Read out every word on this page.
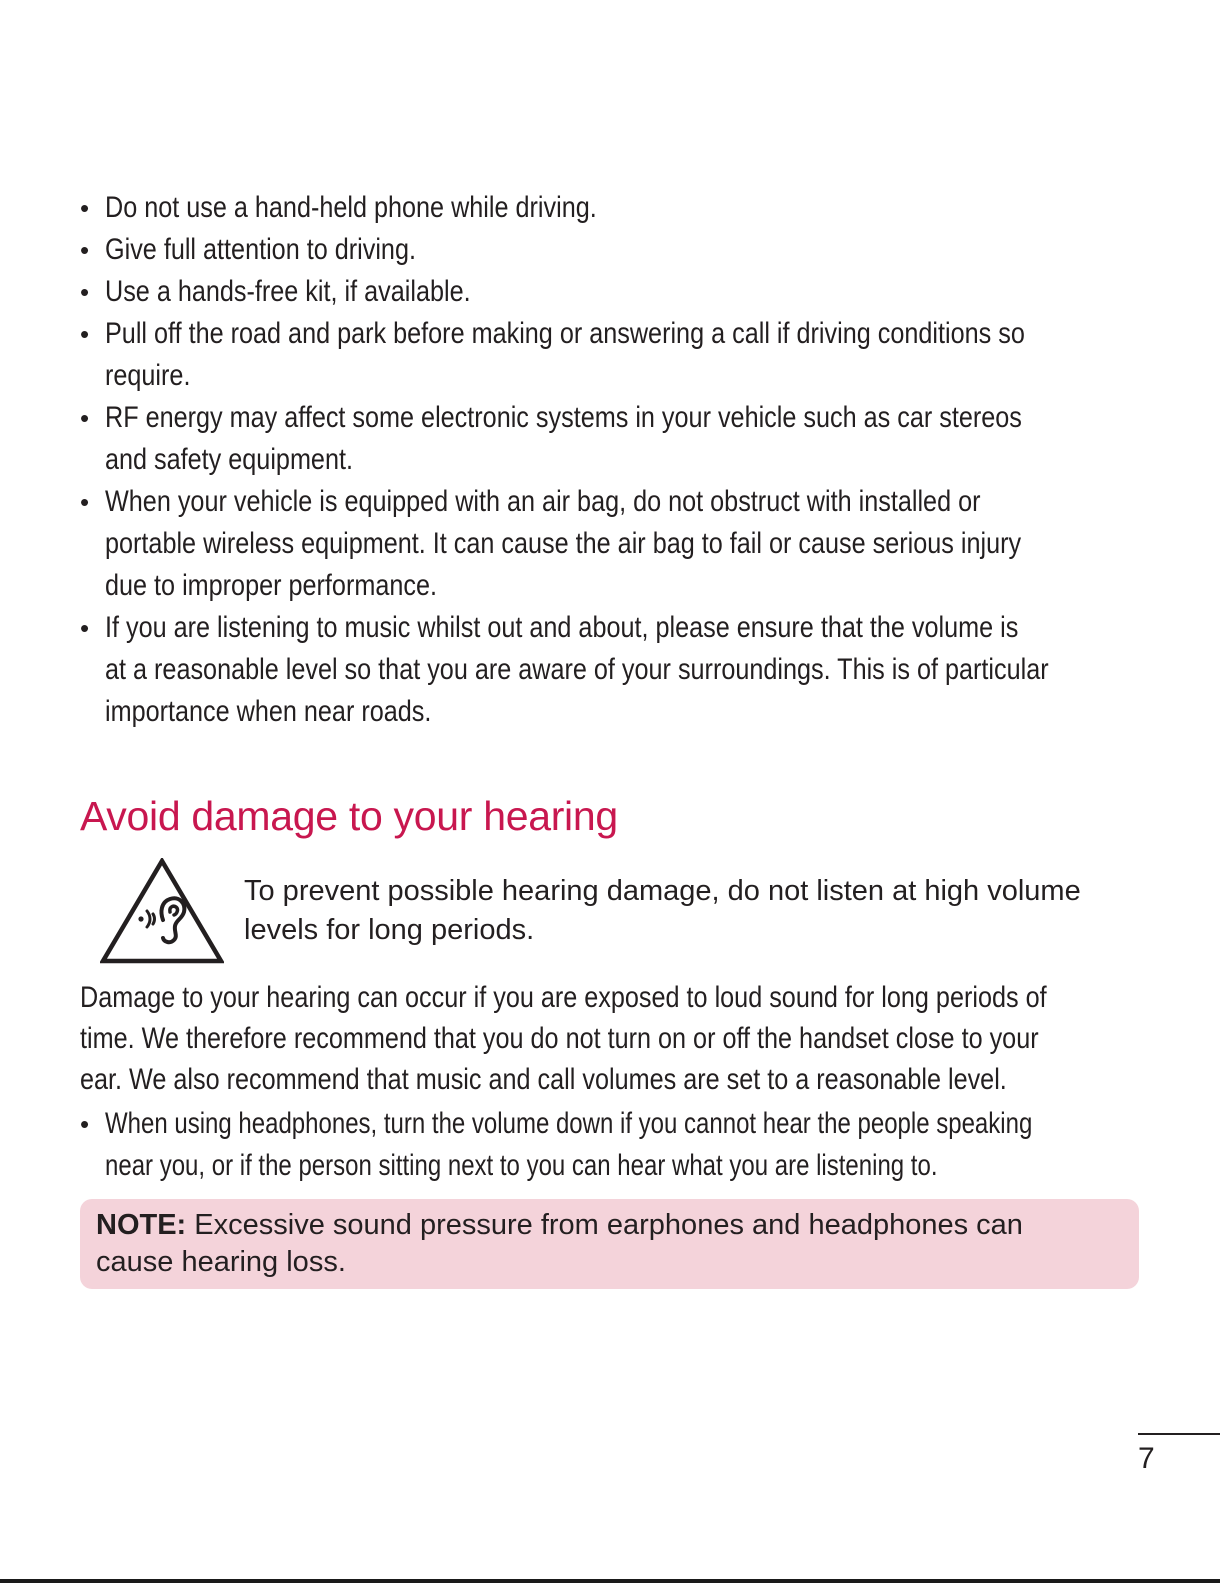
• Do not use a hand-held phone while driving.
• Give full attention to driving.
• Use a hands-free kit, if available.
• Pull off the road and park before making or answering a call if driving conditions so
require.
• RF energy may affect some electronic systems in your vehicle such as car stereos
and safety equipment.
• When your vehicle is equipped with an air bag, do not obstruct with installed or
portable wireless equipment. It can cause the air bag to fail or cause serious injury
due to improper performance.
• If you are listening to music whilst out and about, please ensure that the volume is
at a reasonable level so that you are aware of your surroundings. This is of particular
importance when near roads.
Avoid damage to your hearing
To prevent possible hearing damage, do not listen at high volume
levels for long periods.
Damage to your hearing can occur if you are exposed to loud sound for long periods of
time. We therefore recommend that you do not turn on or off the handset close to your
ear. We also recommend that music and call volumes are set to a reasonable level.
• When using headphones, turn the volume down if you cannot hear the people speaking
near you, or if the person sitting next to you can hear what you are listening to.
NOTE: Excessive sound pressure from earphones and headphones can
cause hearing loss.
7
